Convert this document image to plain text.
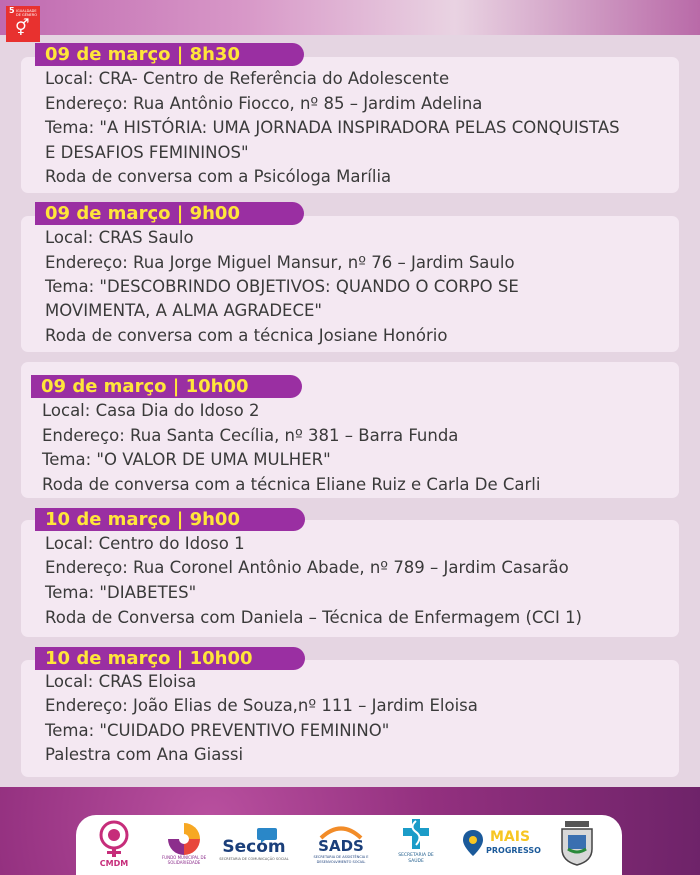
5 IGUALDADE DE GÊNERO
⚥
09 de março | 8h30
Local: CRA- Centro de Referência do Adolescente
Endereço: Rua Antônio Fiocco, nº 85 – Jardim Adelina
Tema: "A HISTÓRIA: UMA JORNADA INSPIRADORA PELAS CONQUISTAS
E DESAFIOS FEMININOS"
Roda de conversa com a Psicóloga Marília
09 de março | 9h00
Local: CRAS Saulo
Endereço: Rua Jorge Miguel Mansur, nº 76 – Jardim Saulo
Tema: "DESCOBRINDO OBJETIVOS: QUANDO O CORPO SE
MOVIMENTA, A ALMA AGRADECE"
Roda de conversa com a técnica Josiane Honório
09 de março | 10h00
Local: Casa Dia do Idoso 2
Endereço: Rua Santa Cecília, nº 381 – Barra Funda
Tema: "O VALOR DE UMA MULHER"
Roda de conversa com a técnica Eliane Ruiz e Carla De Carli
10 de março | 9h00
Local: Centro do Idoso 1
Endereço: Rua Coronel Antônio Abade, nº 789 – Jardim Casarão
Tema: "DIABETES"
Roda de Conversa com Daniela – Técnica de Enfermagem (CCI 1)
10 de março | 10h00
Local: CRAS Eloisa
Endereço: João Elias de Souza,nº 111 – Jardim Eloisa
Tema: "CUIDADO PREVENTIVO FEMININO"
Palestra com Ana Giassi
CMDM
FUNDO MUNICIPAL DE SOLIDARIEDADE
Secom
SECRETARIA DE COMUNICAÇÃO SOCIAL
SADS
SECRETARIA DE ASSISTÊNCIA E DESENVOLVIMENTO SOCIAL
SECRETARIA DE SAÚDE
MAIS
PROGRESSO
